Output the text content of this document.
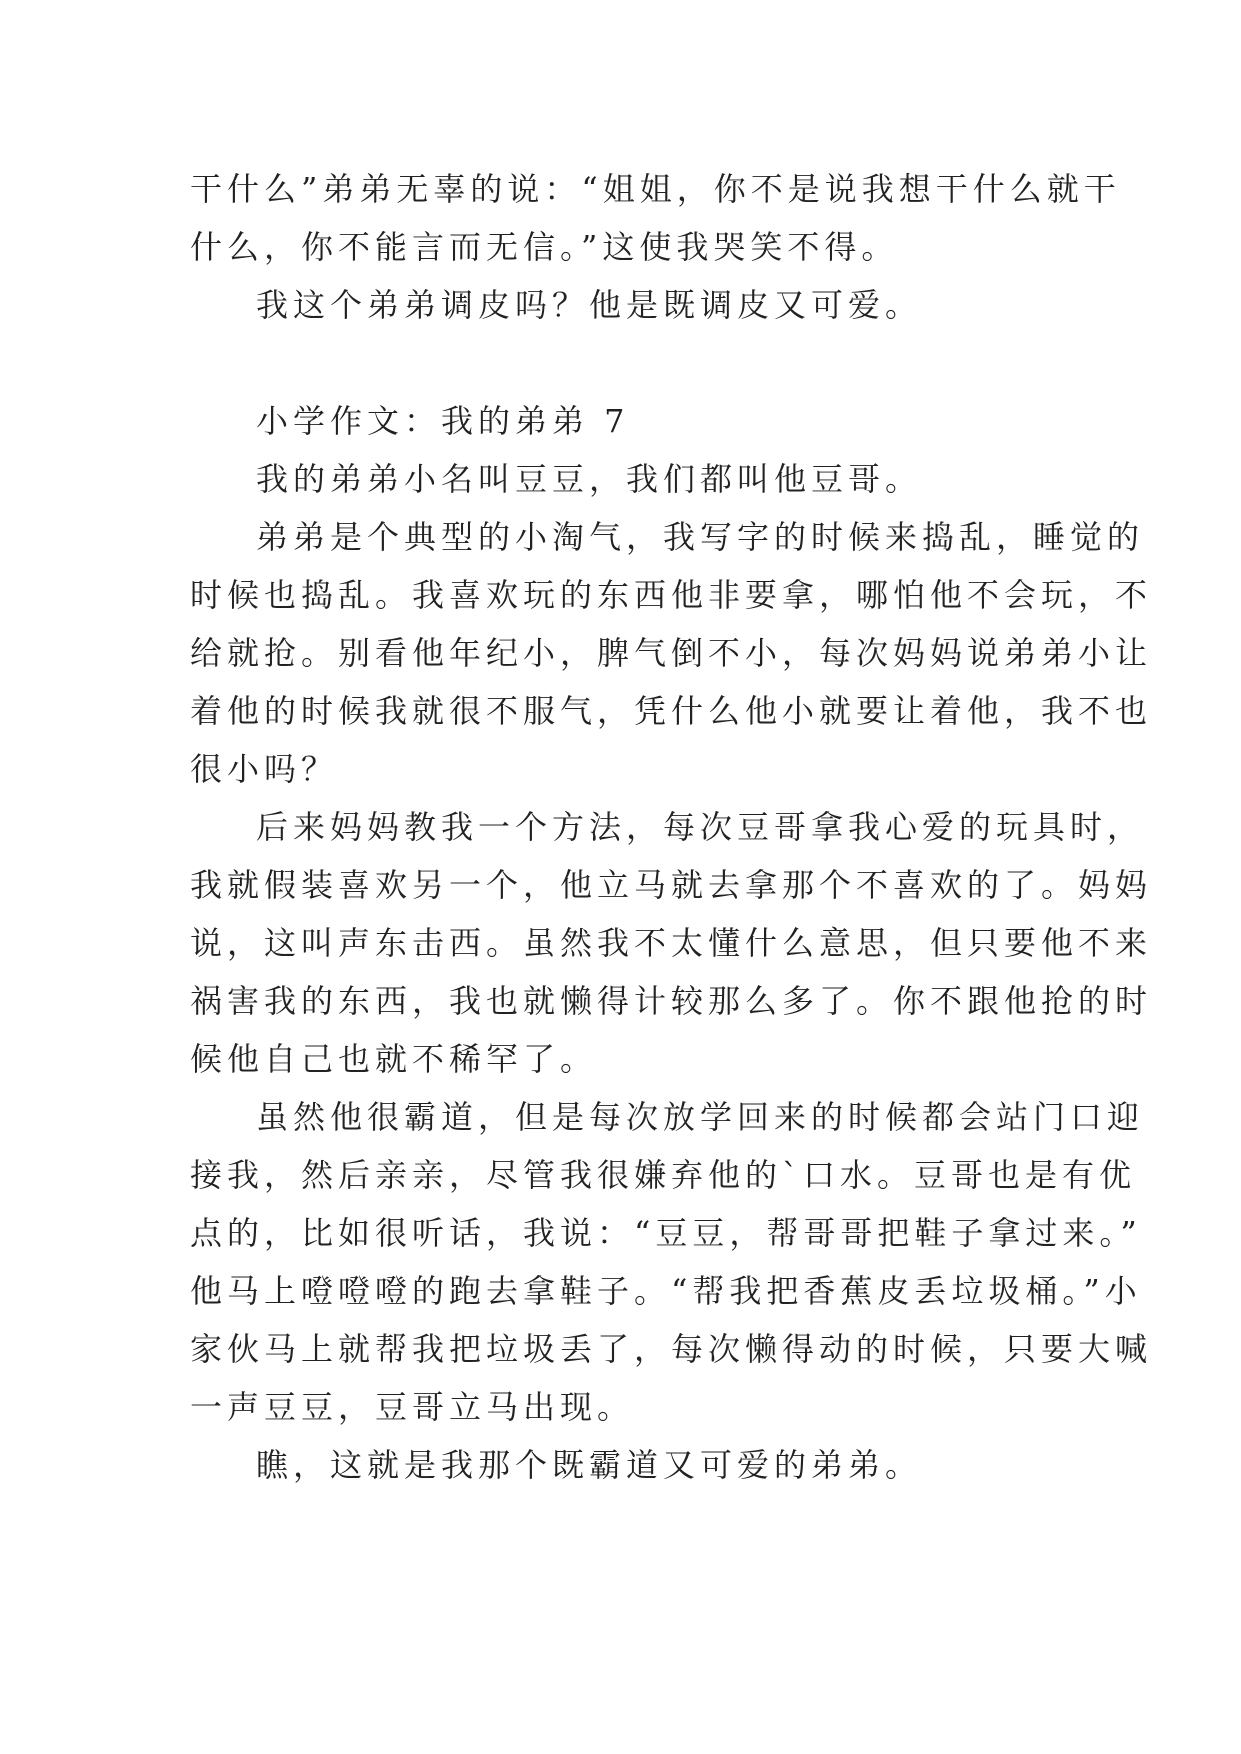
干什么”弟弟无辜的说：“姐姐，你不是说我想干什么就干
什么，你不能言而无信。”这使我哭笑不得。
我这个弟弟调皮吗？他是既调皮又可爱。
小学作文：我的弟弟 7
我的弟弟小名叫豆豆，我们都叫他豆哥。
弟弟是个典型的小淘气，我写字的时候来捣乱，睡觉的
时候也捣乱。我喜欢玩的东西他非要拿，哪怕他不会玩，不
给就抢。别看他年纪小，脾气倒不小，每次妈妈说弟弟小让
着他的时候我就很不服气，凭什么他小就要让着他，我不也
很小吗？
后来妈妈教我一个方法，每次豆哥拿我心爱的玩具时，
我就假装喜欢另一个，他立马就去拿那个不喜欢的了。妈妈
说，这叫声东击西。虽然我不太懂什么意思，但只要他不来
祸害我的东西，我也就懒得计较那么多了。你不跟他抢的时
候他自己也就不稀罕了。
虽然他很霸道，但是每次放学回来的时候都会站门口迎
接我，然后亲亲，尽管我很嫌弃他的`口水。豆哥也是有优
点的，比如很听话，我说：“豆豆，帮哥哥把鞋子拿过来。”
他马上噔噔噔的跑去拿鞋子。“帮我把香蕉皮丢垃圾桶。”小
家伙马上就帮我把垃圾丢了，每次懒得动的时候，只要大喊
一声豆豆，豆哥立马出现。
瞧，这就是我那个既霸道又可爱的弟弟。
